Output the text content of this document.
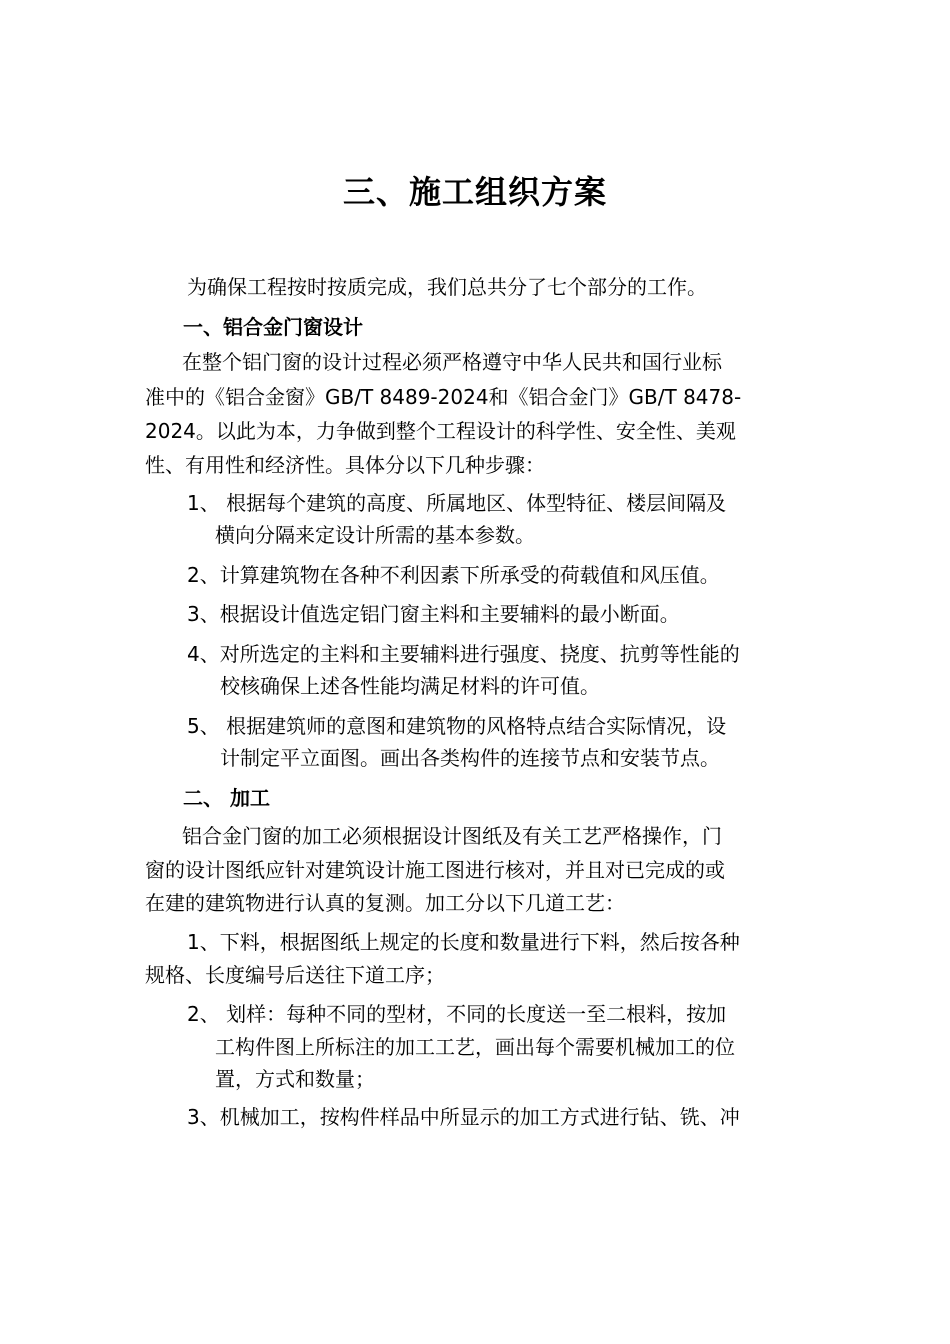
三、施工组织方案
为确保工程按时按质完成，我们总共分了七个部分的工作。
一、铝合金门窗设计
在整个铝门窗的设计过程必须严格遵守中华人民共和国行业标
准中的《铝合金窗》GB/T 8489-2024和《铝合金门》GB/T 8478-
2024。以此为本，力争做到整个工程设计的科学性、安全性、美观
性、有用性和经济性。具体分以下几种步骤：
1、 根据每个建筑的高度、所属地区、体型特征、楼层间隔及
横向分隔来定设计所需的基本参数。
2、计算建筑物在各种不利因素下所承受的荷载值和风压值。
3、根据设计值选定铝门窗主料和主要辅料的最小断面。
4、对所选定的主料和主要辅料进行强度、挠度、抗剪等性能的
校核确保上述各性能均满足材料的许可值。
5、 根据建筑师的意图和建筑物的风格特点结合实际情况，设
计制定平立面图。画出各类构件的连接节点和安装节点。
二、 加工
铝合金门窗的加工必须根据设计图纸及有关工艺严格操作，门
窗的设计图纸应针对建筑设计施工图进行核对，并且对已完成的或
在建的建筑物进行认真的复测。加工分以下几道工艺：
1、下料，根据图纸上规定的长度和数量进行下料，然后按各种
规格、长度编号后送往下道工序；
2、 划样：每种不同的型材，不同的长度送一至二根料，按加
工构件图上所标注的加工工艺，画出每个需要机械加工的位
置，方式和数量；
3、机械加工，按构件样品中所显示的加工方式进行钻、铣、冲
